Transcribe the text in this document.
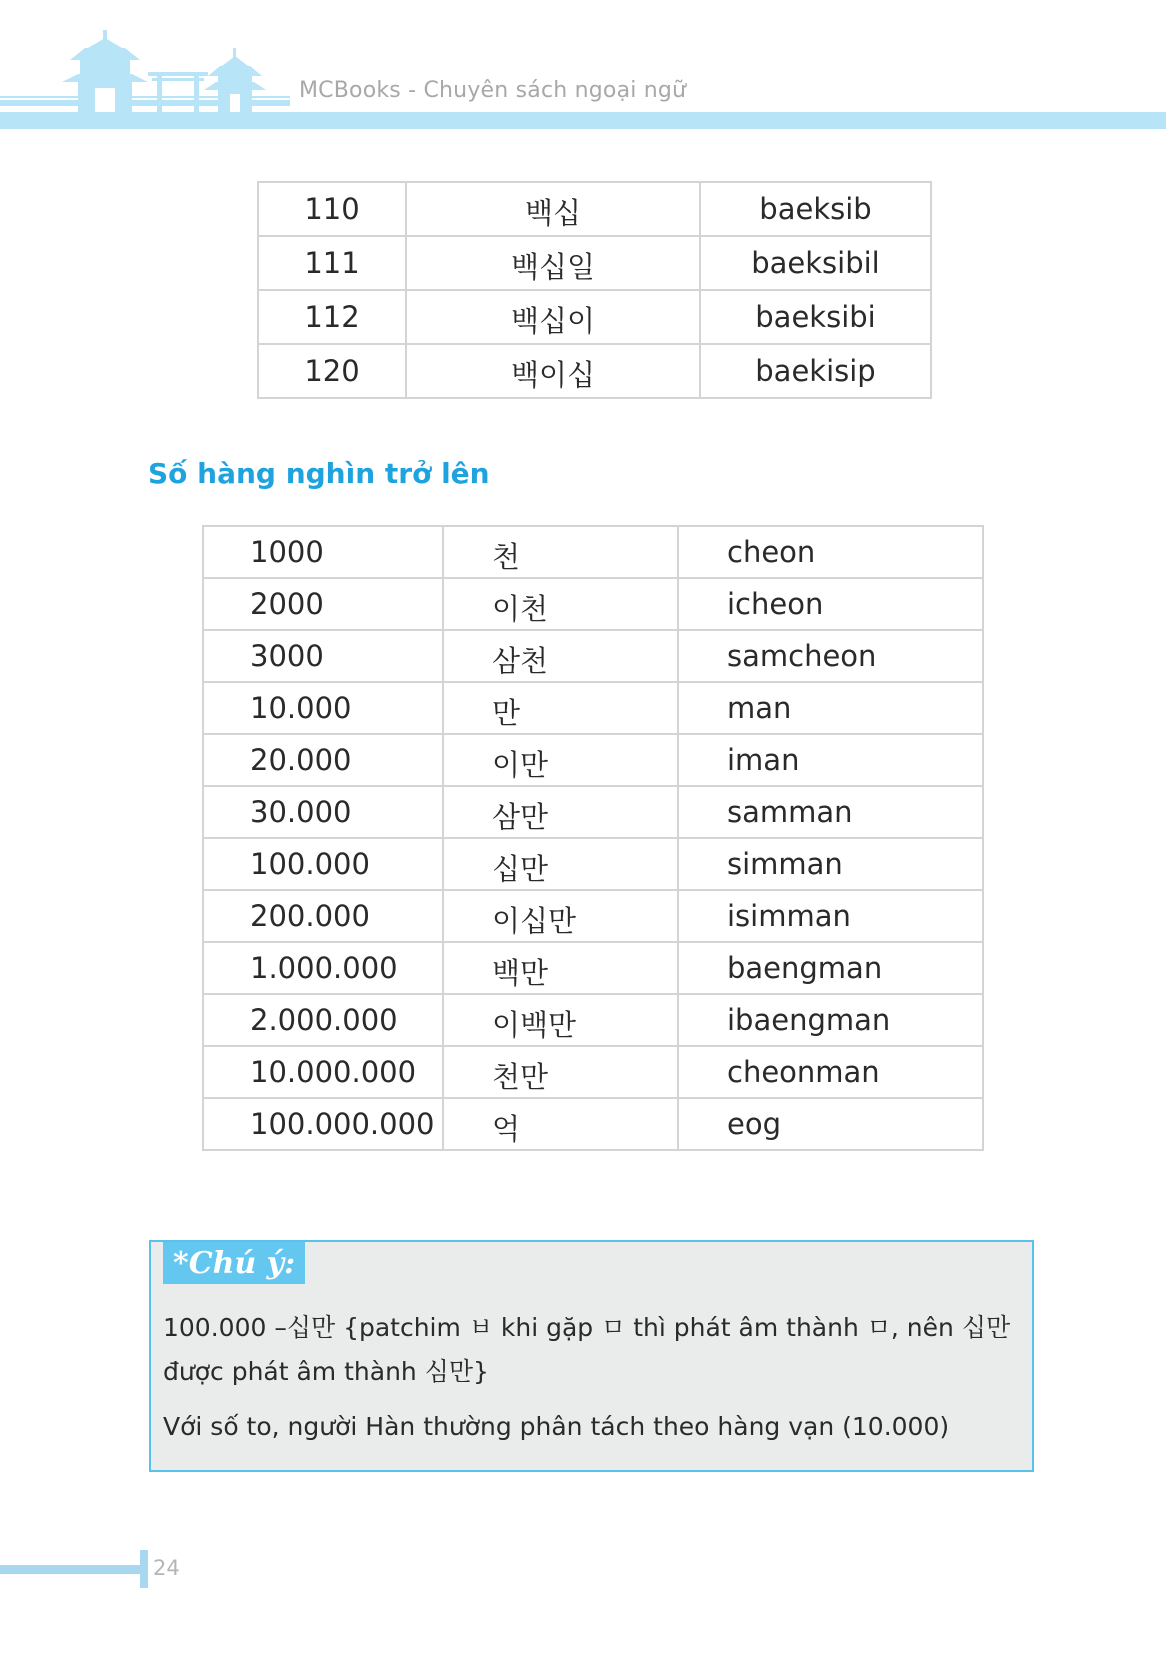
MCBooks - Chuyên sách ngoại ngữ
110	백십	baeksib
111	백십일	baeksibil
112	백십이	baeksibi
120	백이십	baekisip
Số hàng nghìn trở lên
1000	천	cheon
2000	이천	icheon
3000	삼천	samcheon
10.000	만	man
20.000	이만	iman
30.000	삼만	samman
100.000	십만	simman
200.000	이십만	isimman
1.000.000	백만	baengman
2.000.000	이백만	ibaengman
10.000.000	천만	cheonman
100.000.000	억	eog
*Chú ý:
100.000 –십만 {patchim ㅂ khi gặp ㅁ thì phát âm thành ㅁ, nên 십만
được phát âm thành 심만}
Với số to, người Hàn thường phân tách theo hàng vạn (10.000)
24
